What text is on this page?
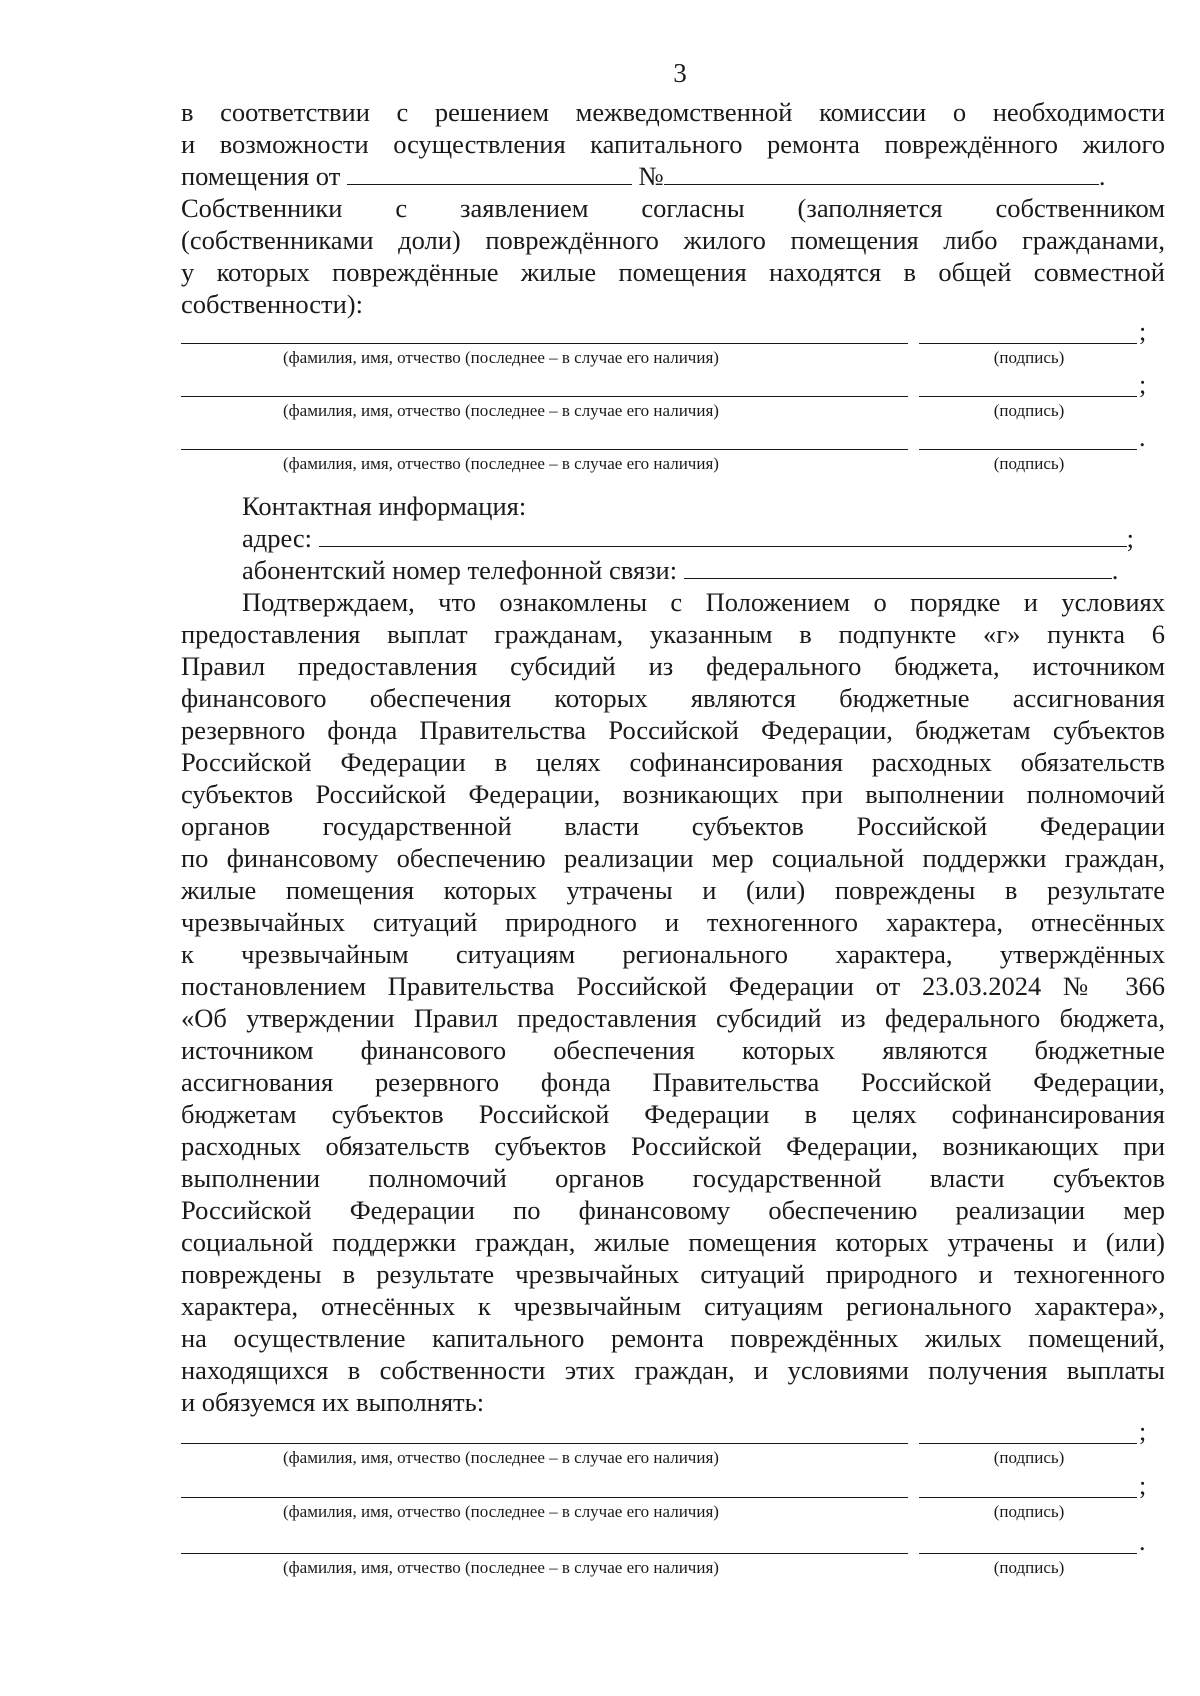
3
в соответствии с решением межведомственной комиссии о необходимости
и возможности осуществления капитального ремонта повреждённого жилого
помещения от	№	.
Собственники с заявлением согласны (заполняется собственником
(собственниками доли) повреждённого жилого помещения либо гражданами,
у которых повреждённые жилые помещения находятся в общей совместной
собственности):
;
(фамилия, имя, отчество (последнее – в случае его наличия)	(подпись)
;
(фамилия, имя, отчество (последнее – в случае его наличия)	(подпись)
.
(фамилия, имя, отчество (последнее – в случае его наличия)	(подпись)
Контактная информация:
адрес:	;
абонентский номер телефонной связи:	.
Подтверждаем, что ознакомлены с Положением о порядке и условиях
предоставления выплат гражданам, указанным в подпункте «г» пункта 6
Правил предоставления субсидий из федерального бюджета, источником
финансового обеспечения которых являются бюджетные ассигнования
резервного фонда Правительства Российской Федерации, бюджетам субъектов
Российской Федерации в целях софинансирования расходных обязательств
субъектов Российской Федерации, возникающих при выполнении полномочий
органов государственной власти субъектов Российской Федерации
по финансовому обеспечению реализации мер социальной поддержки граждан,
жилые помещения которых утрачены и (или) повреждены в результате
чрезвычайных ситуаций природного и техногенного характера, отнесённых
к чрезвычайным ситуациям регионального характера, утверждённых
постановлением Правительства Российской Федерации от 23.03.2024 № 366
«Об утверждении Правил предоставления субсидий из федерального бюджета,
источником финансового обеспечения которых являются бюджетные
ассигнования резервного фонда Правительства Российской Федерации,
бюджетам субъектов Российской Федерации в целях софинансирования
расходных обязательств субъектов Российской Федерации, возникающих при
выполнении полномочий органов государственной власти субъектов
Российской Федерации по финансовому обеспечению реализации мер
социальной поддержки граждан, жилые помещения которых утрачены и (или)
повреждены в результате чрезвычайных ситуаций природного и техногенного
характера, отнесённых к чрезвычайным ситуациям регионального характера»,
на осуществление капитального ремонта повреждённых жилых помещений,
находящихся в собственности этих граждан, и условиями получения выплаты
и обязуемся их выполнять:
;
(фамилия, имя, отчество (последнее – в случае его наличия)	(подпись)
;
(фамилия, имя, отчество (последнее – в случае его наличия)	(подпись)
.
(фамилия, имя, отчество (последнее – в случае его наличия)	(подпись)
